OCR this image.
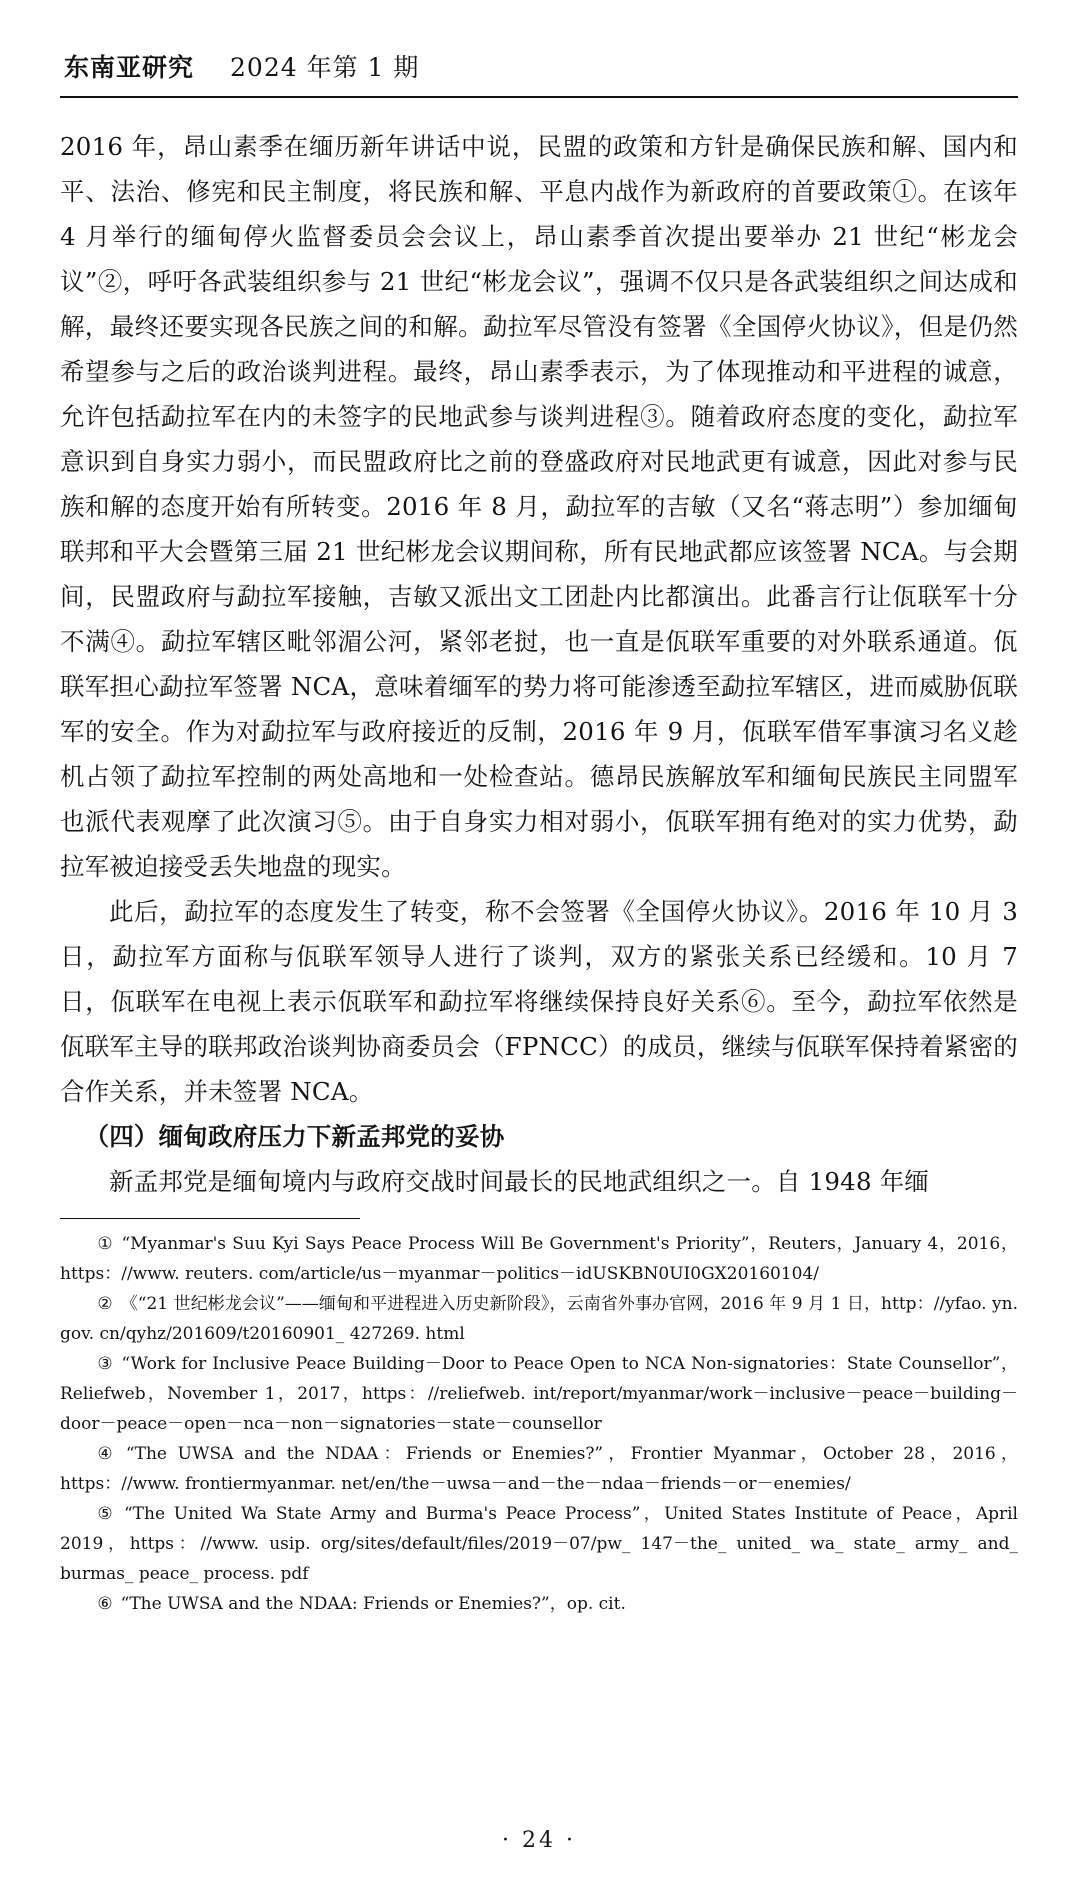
东南亚研究 2024 年第 1 期

2016 年，昂山素季在缅历新年讲话中说，民盟的政策和方针是确保民族和解、国内和平、法治、修宪和民主制度，将民族和解、平息内战作为新政府的首要政策①。在该年 4 月举行的缅甸停火监督委员会会议上，昂山素季首次提出要举办 21 世纪“彬龙会议”②，呼吁各武装组织参与 21 世纪“彬龙会议”，强调不仅只是各武装组织之间达成和解，最终还要实现各民族之间的和解。勐拉军尽管没有签署《全国停火协议》，但是仍然希望参与之后的政治谈判进程。最终，昂山素季表示，为了体现推动和平进程的诚意，允许包括勐拉军在内的未签字的民地武参与谈判进程③。随着政府态度的变化，勐拉军意识到自身实力弱小，而民盟政府比之前的登盛政府对民地武更有诚意，因此对参与民族和解的态度开始有所转变。2016 年 8 月，勐拉军的吉敏（又名“蒋志明”）参加缅甸联邦和平大会暨第三届 21 世纪彬龙会议期间称，所有民地武都应该签署 NCA。与会期间，民盟政府与勐拉军接触，吉敏又派出文工团赴内比都演出。此番言行让佤联军十分不满④。勐拉军辖区毗邻湄公河，紧邻老挝，也一直是佤联军重要的对外联系通道。佤联军担心勐拉军签署 NCA，意味着缅军的势力将可能渗透至勐拉军辖区，进而威胁佤联军的安全。作为对勐拉军与政府接近的反制，2016 年 9 月，佤联军借军事演习名义趁机占领了勐拉军控制的两处高地和一处检查站。德昂民族解放军和缅甸民族民主同盟军也派代表观摩了此次演习⑤。由于自身实力相对弱小，佤联军拥有绝对的实力优势，勐拉军被迫接受丢失地盘的现实。

此后，勐拉军的态度发生了转变，称不会签署《全国停火协议》。2016 年 10 月 3 日，勐拉军方面称与佤联军领导人进行了谈判，双方的紧张关系已经缓和。10 月 7 日，佤联军在电视上表示佤联军和勐拉军将继续保持良好关系⑥。至今，勐拉军依然是佤联军主导的联邦政治谈判协商委员会（FPNCC）的成员，继续与佤联军保持着紧密的合作关系，并未签署 NCA。

（四）缅甸政府压力下新孟邦党的妥协

新孟邦党是缅甸境内与政府交战时间最长的民地武组织之一。自 1948 年缅

① “Myanmar's Suu Kyi Says Peace Process Will Be Government's Priority”，Reuters，January 4，2016，https：//www. reuters. com/article/us－myanmar－politics－idUSKBN0UI0GX20160104/

② 《“21 世纪彬龙会议”——缅甸和平进程进入历史新阶段》，云南省外事办官网，2016 年 9 月 1 日，http：//yfao. yn. gov. cn/qyhz/201609/t20160901_ 427269. html

③ “Work for Inclusive Peace Building－Door to Peace Open to NCA Non-signatories：State Counsellor”，Reliefweb，November 1，2017，https：//reliefweb. int/report/myanmar/work－inclusive－peace－building－door－peace－open－nca－non－signatories－state－counsellor

④ “The UWSA and the NDAA：Friends or Enemies?”，Frontier Myanmar，October 28，2016，https：//www. frontiermyanmar. net/en/the－uwsa－and－the－ndaa－friends－or－enemies/

⑤ “The United Wa State Army and Burma's Peace Process”，United States Institute of Peace，April 2019，https：//www. usip. org/sites/default/files/2019－07/pw_ 147－the_ united_ wa_ state_ army_ and_ burmas_ peace_ process. pdf

⑥ “The UWSA and the NDAA: Friends or Enemies?”，op. cit.

· 24 ·
